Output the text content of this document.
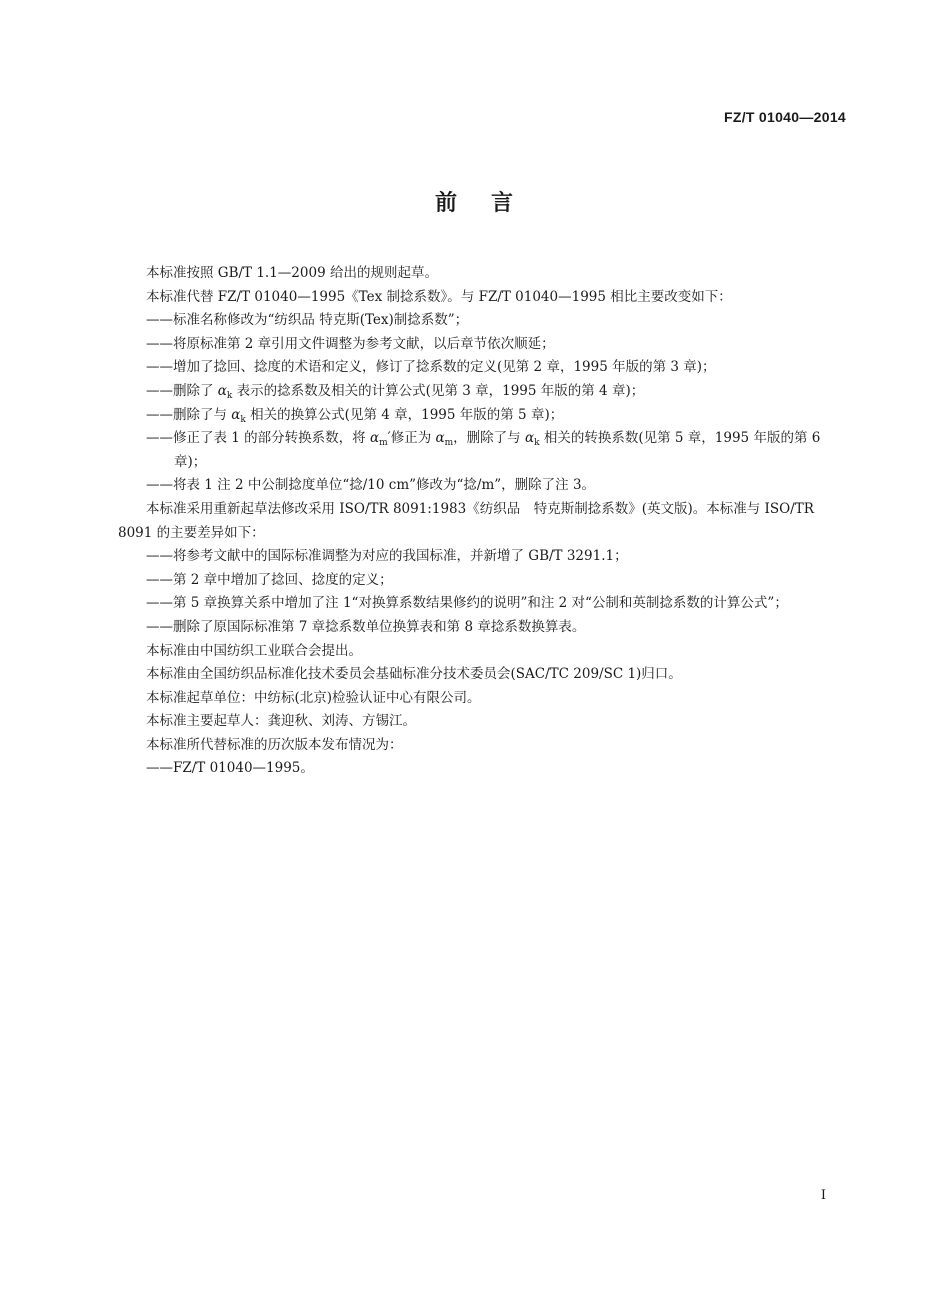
FZ/T 01040—2014
前 言

本标准按照 GB/T 1.1—2009 给出的规则起草。

本标准代替 FZ/T 01040—1995《Tex 制捻系数》。与 FZ/T 01040—1995 相比主要改变如下：

——标准名称修改为“纺织品 特克斯(Tex)制捻系数”；

——将原标准第 2 章引用文件调整为参考文献，以后章节依次顺延；

——增加了捻回、捻度的术语和定义，修订了捻系数的定义(见第 2 章，1995 年版的第 3 章)；

——删除了 $\alpha_k$ 表示的捻系数及相关的计算公式(见第 3 章，1995 年版的第 4 章)；

——删除了与 $\alpha_k$ 相关的换算公式(见第 4 章，1995 年版的第 5 章)；

——修正了表 1 的部分转换系数，将 $\alpha_m'$修正为 $\alpha_m$，删除了与 $\alpha_k$ 相关的转换系数(见第 5 章，1995 年版的第 6 章)；

——将表 1 注 2 中公制捻度单位“捻/10 cm”修改为“捻/m”，删除了注 3。

本标准采用重新起草法修改采用 ISO/TR 8091:1983《纺织品　特克斯制捻系数》(英文版)。本标准与 ISO/TR 8091 的主要差异如下：

——将参考文献中的国际标准调整为对应的我国标准，并新增了 GB/T 3291.1；

——第 2 章中增加了捻回、捻度的定义；

——第 5 章换算关系中增加了注 1“对换算系数结果修约的说明”和注 2 对“公制和英制捻系数的计算公式”；

——删除了原国际标准第 7 章捻系数单位换算表和第 8 章捻系数换算表。

本标准由中国纺织工业联合会提出。

本标准由全国纺织品标准化技术委员会基础标准分技术委员会(SAC/TC 209/SC 1)归口。

本标准起草单位：中纺标(北京)检验认证中心有限公司。

本标准主要起草人：龚迎秋、刘涛、方锡江。

本标准所代替标准的历次版本发布情况为：

——FZ/T 01040—1995。

I
